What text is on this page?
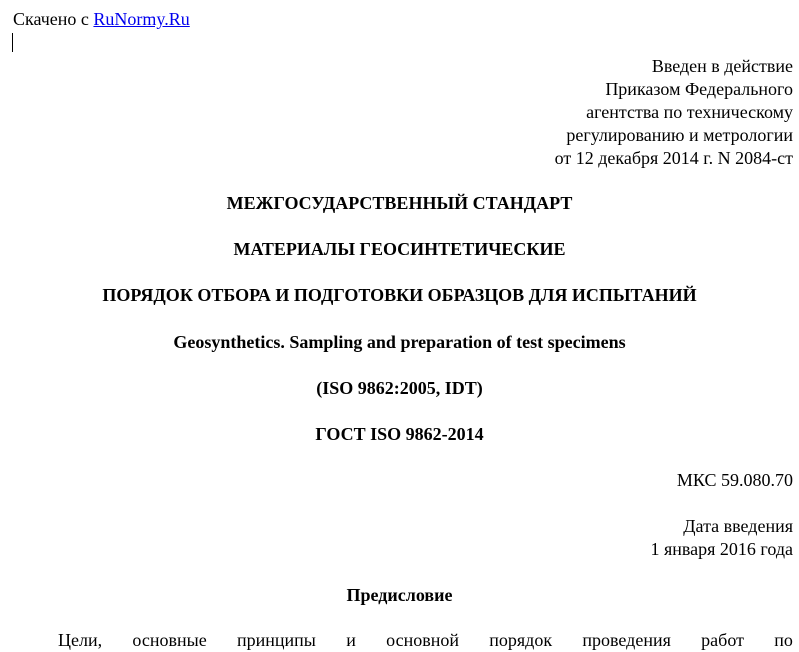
Скачено с RuNormy.Ru
Введен в действие
Приказом Федерального
агентства по техническому
регулированию и метрологии
от 12 декабря 2014 г. N 2084-ст
МЕЖГОСУДАРСТВЕННЫЙ СТАНДАРТ
МАТЕРИАЛЫ ГЕОСИНТЕТИЧЕСКИЕ
ПОРЯДОК ОТБОРА И ПОДГОТОВКИ ОБРАЗЦОВ ДЛЯ ИСПЫТАНИЙ
Geosynthetics. Sampling and preparation of test specimens
(ISO 9862:2005, IDT)
ГОСТ ISO 9862-2014
МКС 59.080.70
Дата введения
1 января 2016 года
Предисловие
Цели, основные принципы и основной порядок проведения работ по
